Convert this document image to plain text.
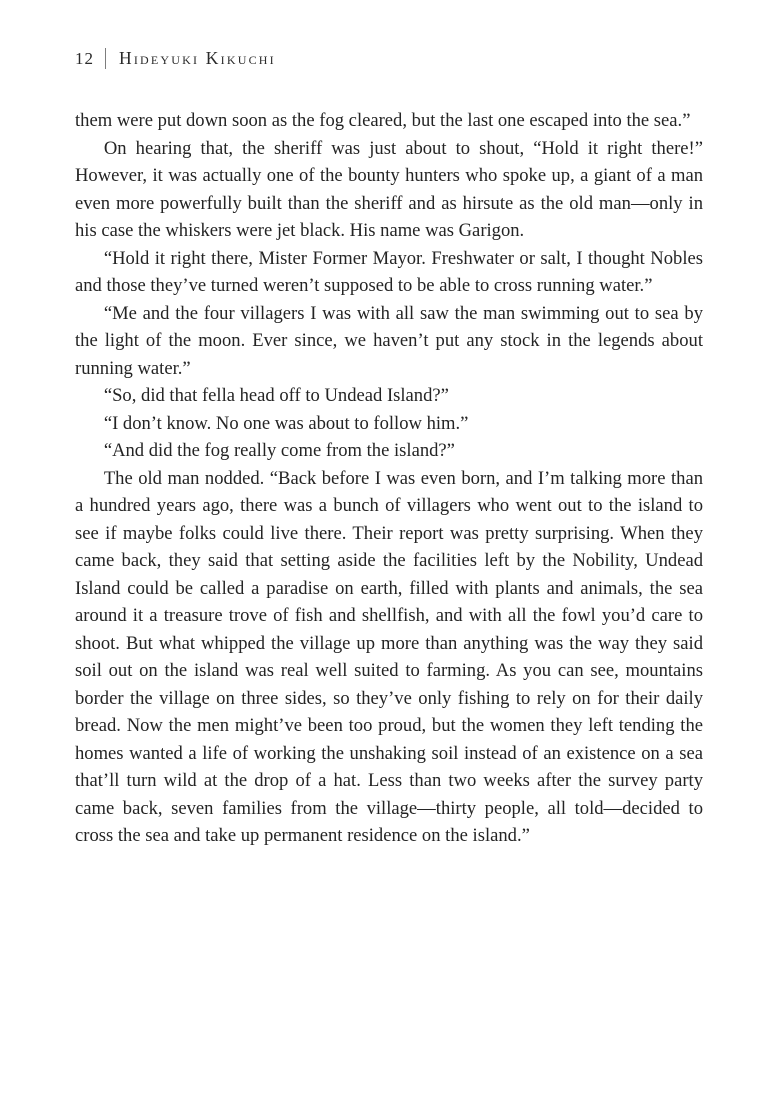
12 Hideyuki Kikuchi

them were put down soon as the fog cleared, but the last one escaped into the sea.”

On hearing that, the sheriff was just about to shout, “Hold it right there!” However, it was actually one of the bounty hunters who spoke up, a giant of a man even more powerfully built than the sheriff and as hirsute as the old man—only in his case the whiskers were jet black. His name was Garigon.

“Hold it right there, Mister Former Mayor. Freshwater or salt, I thought Nobles and those they’ve turned weren’t supposed to be able to cross running water.”

“Me and the four villagers I was with all saw the man swimming out to sea by the light of the moon. Ever since, we haven’t put any stock in the legends about running water.”

“So, did that fella head off to Undead Island?”

“I don’t know. No one was about to follow him.”

“And did the fog really come from the island?”

The old man nodded. “Back before I was even born, and I’m talking more than a hundred years ago, there was a bunch of villagers who went out to the island to see if maybe folks could live there. Their report was pretty surprising. When they came back, they said that setting aside the facilities left by the Nobility, Undead Island could be called a paradise on earth, filled with plants and animals, the sea around it a treasure trove of fish and shellfish, and with all the fowl you’d care to shoot. But what whipped the village up more than anything was the way they said soil out on the island was real well suited to farming. As you can see, mountains border the village on three sides, so they’ve only fishing to rely on for their daily bread. Now the men might’ve been too proud, but the women they left tending the homes wanted a life of working the unshaking soil instead of an existence on a sea that’ll turn wild at the drop of a hat. Less than two weeks after the survey party came back, seven families from the village—thirty people, all told—decided to cross the sea and take up permanent residence on the island.”
